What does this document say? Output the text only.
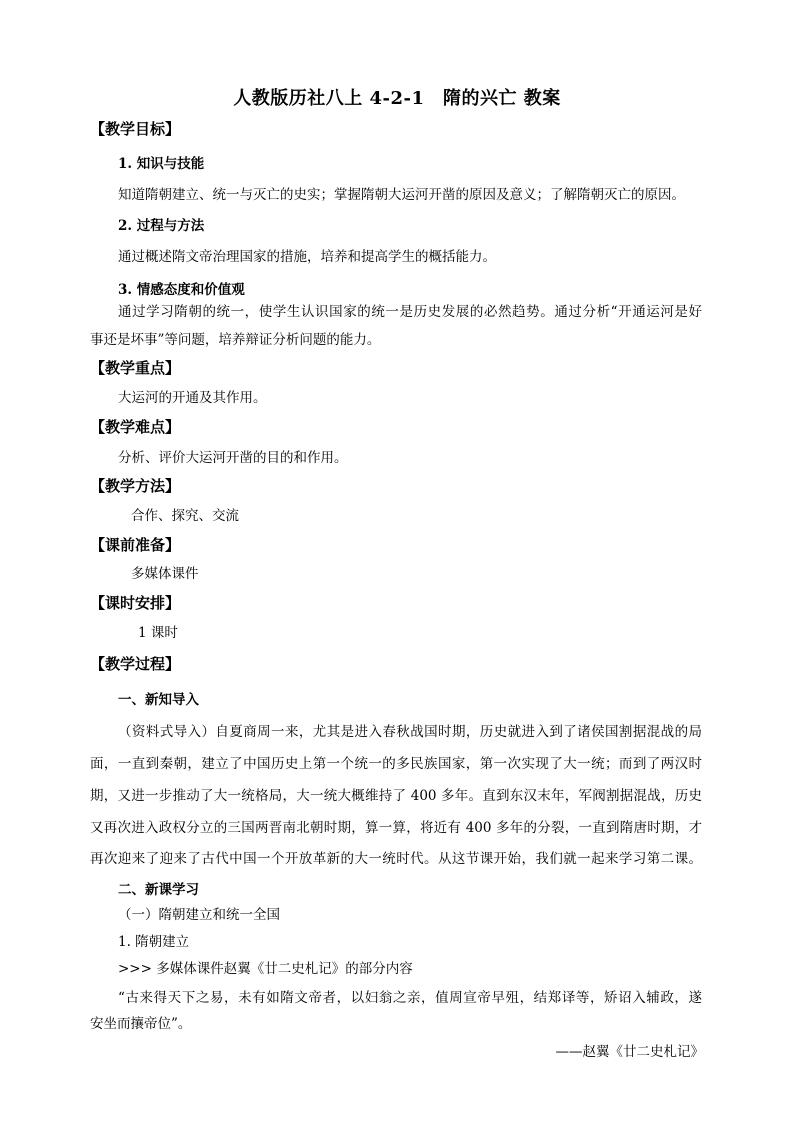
人教版历社八上 4-2-1　隋的兴亡 教案
【教学目标】
1. 知识与技能
知道隋朝建立、统一与灭亡的史实；掌握隋朝大运河开凿的原因及意义；了解隋朝灭亡的原因。
2. 过程与方法
通过概述隋文帝治理国家的措施，培养和提高学生的概括能力。
3. 情感态度和价值观
通过学习隋朝的统一，使学生认识国家的统一是历史发展的必然趋势。通过分析“开通运河是好
事还是坏事”等问题，培养辩证分析问题的能力。
【教学重点】
大运河的开通及其作用。
【教学难点】
分析、评价大运河开凿的目的和作用。
【教学方法】
合作、探究、交流
【课前准备】
多媒体课件
【课时安排】
1 课时
【教学过程】
一、新知导入
（资料式导入）自夏商周一来，尤其是进入春秋战国时期，历史就进入到了诸侯国割据混战的局
面，一直到秦朝，建立了中国历史上第一个统一的多民族国家，第一次实现了大一统；而到了两汉时
期，又进一步推动了大一统格局，大一统大概维持了 400 多年。直到东汉末年，军阀割据混战，历史
又再次进入政权分立的三国两晋南北朝时期，算一算，将近有 400 多年的分裂，一直到隋唐时期，才
再次迎来了迎来了古代中国一个开放革新的大一统时代。从这节课开始，我们就一起来学习第二课。
二、新课学习
（一）隋朝建立和统一全国
1. 隋朝建立
>>> 多媒体课件赵翼《廿二史札记》的部分内容
“古来得天下之易，未有如隋文帝者，以妇翁之亲，值周宣帝早殂，结郑译等，矫诏入辅政，遂
安坐而攘帝位”。
——赵翼《廿二史札记》
